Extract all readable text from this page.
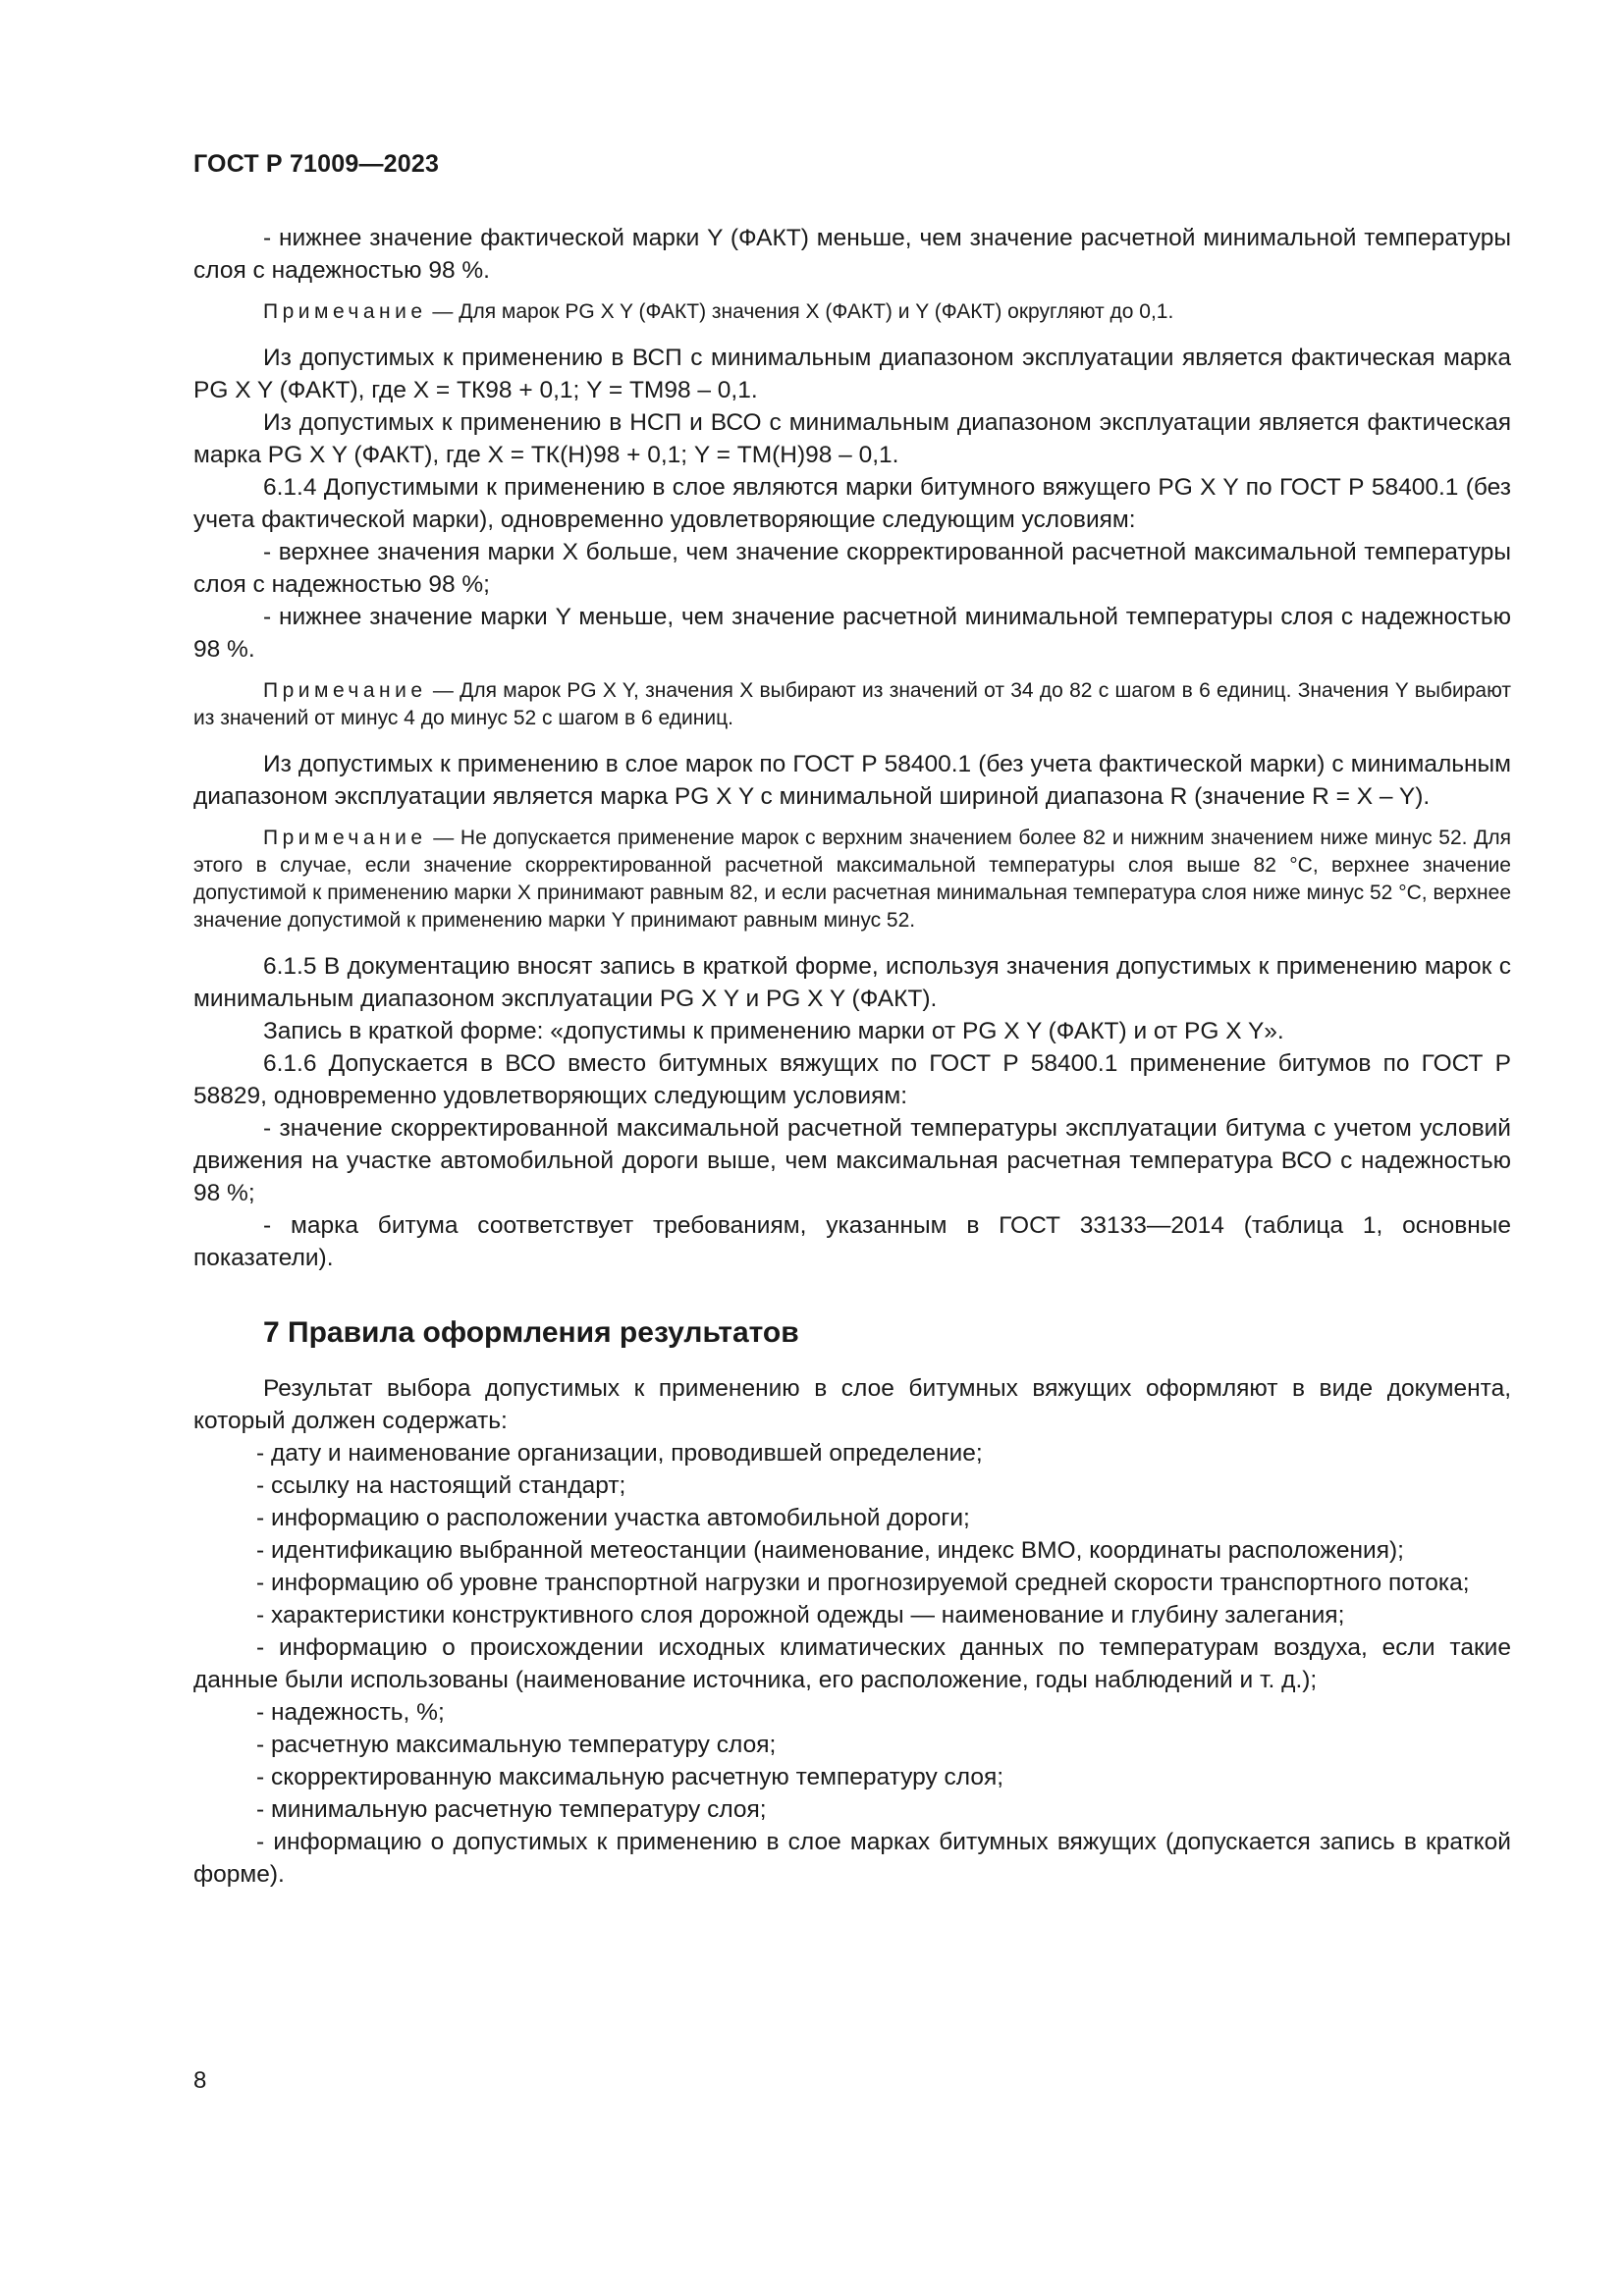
ГОСТ Р 71009—2023

- нижнее значение фактической марки Y (ФАКТ) меньше, чем значение расчетной минимальной температуры слоя с надежностью 98 %.

Примечание — Для марок PG X Y (ФАКТ) значения X (ФАКТ) и Y (ФАКТ) округляют до 0,1.

Из допустимых к применению в ВСП с минимальным диапазоном эксплуатации является фактическая марка PG X Y (ФАКТ), где X = ТК98 + 0,1; Y = ТМ98 – 0,1.

Из допустимых к применению в НСП и ВСО с минимальным диапазоном эксплуатации является фактическая марка PG X Y (ФАКТ), где X = ТК(Н)98 + 0,1; Y = ТМ(Н)98 – 0,1.

6.1.4 Допустимыми к применению в слое являются марки битумного вяжущего PG X Y по ГОСТ Р 58400.1 (без учета фактической марки), одновременно удовлетворяющие следующим условиям:

- верхнее значения марки X больше, чем значение скорректированной расчетной максимальной температуры слоя с надежностью 98 %;

- нижнее значение марки Y меньше, чем значение расчетной минимальной температуры слоя с надежностью 98 %.

Примечание — Для марок PG X Y, значения X выбирают из значений от 34 до 82 с шагом в 6 единиц. Значения Y выбирают из значений от минус 4 до минус 52 с шагом в 6 единиц.

Из допустимых к применению в слое марок по ГОСТ Р 58400.1 (без учета фактической марки) с минимальным диапазоном эксплуатации является марка PG X Y с минимальной шириной диапазона R (значение R = X – Y).

Примечание — Не допускается применение марок с верхним значением более 82 и нижним значением ниже минус 52. Для этого в случае, если значение скорректированной расчетной максимальной температуры слоя выше 82 °С, верхнее значение допустимой к применению марки X принимают равным 82, и если расчетная минимальная температура слоя ниже минус 52 °С, верхнее значение допустимой к применению марки Y принимают равным минус 52.

6.1.5 В документацию вносят запись в краткой форме, используя значения допустимых к применению марок с минимальным диапазоном эксплуатации PG X Y и PG X Y (ФАКТ).

Запись в краткой форме: «допустимы к применению марки от PG X Y (ФАКТ) и от PG X Y».

6.1.6 Допускается в ВСО вместо битумных вяжущих по ГОСТ Р 58400.1 применение битумов по ГОСТ Р 58829, одновременно удовлетворяющих следующим условиям:

- значение скорректированной максимальной расчетной температуры эксплуатации битума с учетом условий движения на участке автомобильной дороги выше, чем максимальная расчетная температура ВСО с надежностью 98 %;

- марка битума соответствует требованиям, указанным в ГОСТ 33133—2014 (таблица 1, основные показатели).

7 Правила оформления результатов

Результат выбора допустимых к применению в слое битумных вяжущих оформляют в виде документа, который должен содержать:

- дату и наименование организации, проводившей определение;

- ссылку на настоящий стандарт;

- информацию о расположении участка автомобильной дороги;

- идентификацию выбранной метеостанции (наименование, индекс ВМО, координаты расположения);

- информацию об уровне транспортной нагрузки и прогнозируемой средней скорости транспортного потока;

- характеристики конструктивного слоя дорожной одежды — наименование и глубину залегания;

- информацию о происхождении исходных климатических данных по температурам воздуха, если такие данные были использованы (наименование источника, его расположение, годы наблюдений и т. д.);

- надежность, %;

- расчетную максимальную температуру слоя;

- скорректированную максимальную расчетную температуру слоя;

- минимальную расчетную температуру слоя;

- информацию о допустимых к применению в слое марках битумных вяжущих (допускается запись в краткой форме).

8
